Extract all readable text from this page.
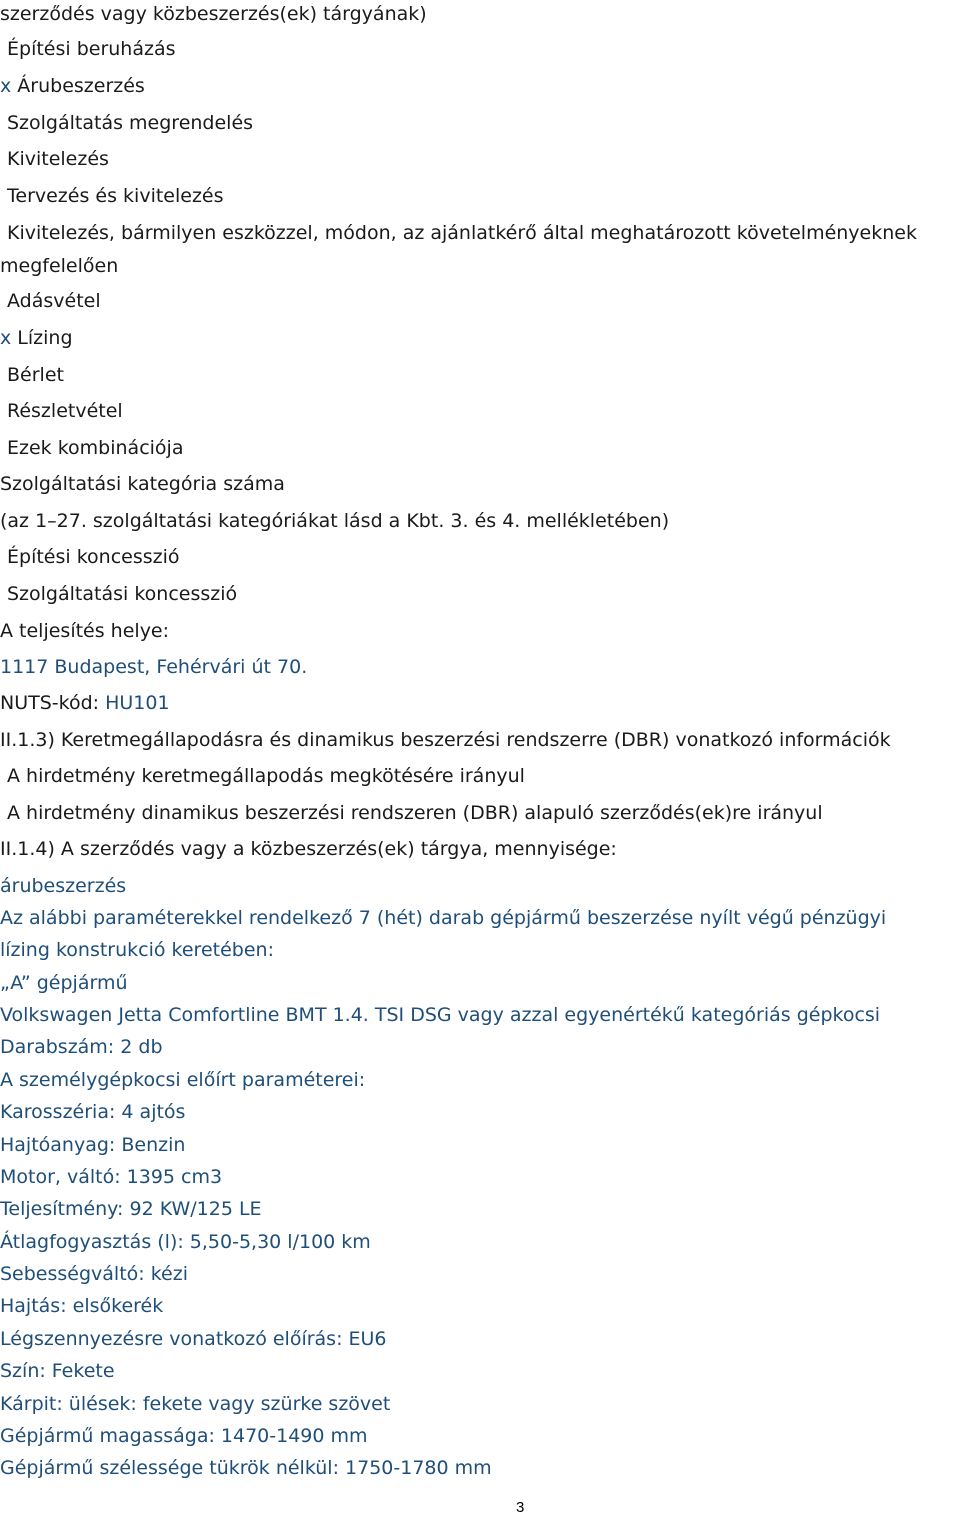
szerződés vagy közbeszerzés(ek) tárgyának)
Építési beruházás
x Árubeszerzés
Szolgáltatás megrendelés
Kivitelezés
Tervezés és kivitelezés
Kivitelezés, bármilyen eszközzel, módon, az ajánlatkérő által meghatározott követelményeknek
megfelelően
Adásvétel
x Lízing
Bérlet
Részletvétel
Ezek kombinációja
Szolgáltatási kategória száma
(az 1–27. szolgáltatási kategóriákat lásd a Kbt. 3. és 4. mellékletében)
Építési koncesszió
Szolgáltatási koncesszió
A teljesítés helye:
1117 Budapest, Fehérvári út 70.
NUTS-kód: HU101
II.1.3) Keretmegállapodásra és dinamikus beszerzési rendszerre (DBR) vonatkozó információk
A hirdetmény keretmegállapodás megkötésére irányul
A hirdetmény dinamikus beszerzési rendszeren (DBR) alapuló szerződés(ek)re irányul
II.1.4) A szerződés vagy a közbeszerzés(ek) tárgya, mennyisége:
árubeszerzés
Az alábbi paraméterekkel rendelkező 7 (hét) darab gépjármű beszerzése nyílt végű pénzügyi
lízing konstrukció keretében:
„A” gépjármű
Volkswagen Jetta Comfortline BMT 1.4. TSI DSG vagy azzal egyenértékű kategóriás gépkocsi
Darabszám: 2 db
A személygépkocsi előírt paraméterei:
Karosszéria: 4 ajtós
Hajtóanyag: Benzin
Motor, váltó: 1395 cm3
Teljesítmény: 92 KW/125 LE
Átlagfogyasztás (l): 5,50-5,30 l/100 km
Sebességváltó: kézi
Hajtás: elsőkerék
Légszennyezésre vonatkozó előírás: EU6
Szín: Fekete
Kárpit: ülések: fekete vagy szürke szövet
Gépjármű magassága: 1470-1490 mm
Gépjármű szélessége tükrök nélkül: 1750-1780 mm
3
